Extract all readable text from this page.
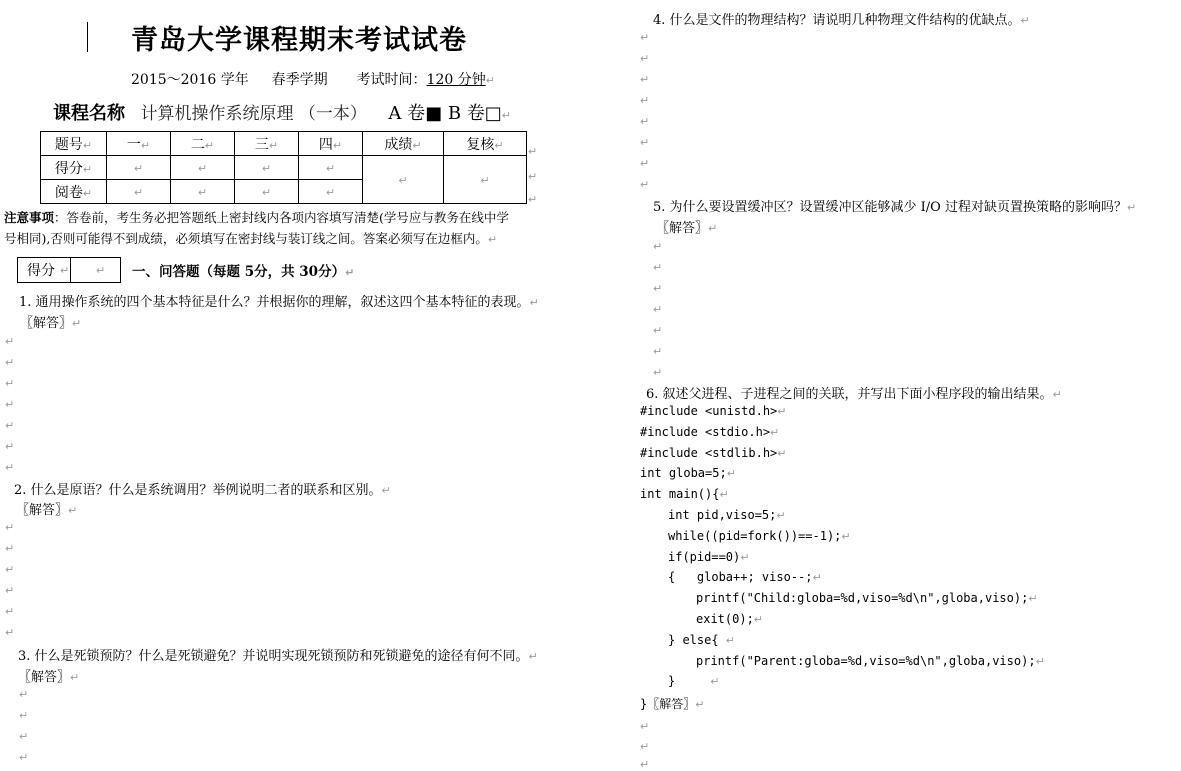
青岛大学课程期末考试试卷
2015～2016 学年 春季学期 考试时间：120 分钟↵
课程名称 计算机操作系统原理 （一本） A 卷■ B 卷□↵
题号↵	一↵	二↵	三↵	四↵	成绩↵	复核↵
得分↵	↵	↵	↵	↵	↵	↵
阅卷↵	↵	↵	↵	↵		
↵
↵
↵
注意事项：答卷前，考生务必把答题纸上密封线内各项内容填写清楚(学号应与教务在线中学
号相同),否则可能得不到成绩，必须填写在密封线与装订线之间。答案必须写在边框内。↵
得分 ↵ ↵ 一、问答题（每题 5分，共 30分）↵
1. 通用操作系统的四个基本特征是什么？并根据你的理解，叙述这四个基本特征的表现。↵
〖解答〗↵
↵
↵
↵
↵
↵
↵
↵
2. 什么是原语？什么是系统调用？举例说明二者的联系和区别。↵
〖解答〗↵
↵
↵
↵
↵
↵
↵
3. 什么是死锁预防？什么是死锁避免？并说明实现死锁预防和死锁避免的途径有何不同。↵
〖解答〗↵
↵
↵
↵
↵
4. 什么是文件的物理结构？请说明几种物理文件结构的优缺点。↵
↵
↵
↵
↵
↵
↵
↵
↵
5. 为什么要设置缓冲区？设置缓冲区能够减少 I/O 过程对缺页置换策略的影响吗？↵
〖解答〗↵
↵
↵
↵
↵
↵
↵
↵
6. 叙述父进程、子进程之间的关联，并写出下面小程序段的输出结果。↵
#include <unistd.h>↵
#include <stdio.h>↵
#include <stdlib.h>↵
int globa=5;↵
int main(){↵
int pid,viso=5;↵
while((pid=fork())==-1);↵
if(pid==0)↵
{   globa++; viso--;↵
printf("Child:globa=%d,viso=%d\n",globa,viso);↵
exit(0);↵
} else{ ↵
printf("Parent:globa=%d,viso=%d\n",globa,viso);↵
}          ↵
}〖解答〗↵
↵
↵
↵
